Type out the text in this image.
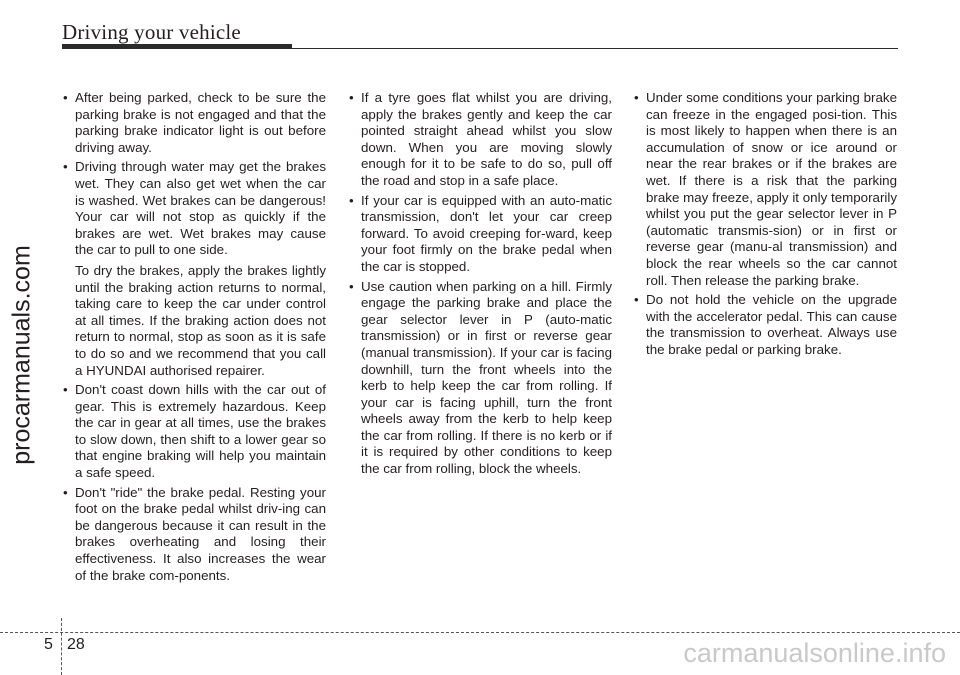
Driving your vehicle
procarmanuals.com

• After being parked, check to be sure the parking brake is not engaged and that the parking brake indicator light is out before driving away.

• Driving through water may get the brakes wet. They can also get wet when the car is washed. Wet brakes can be dangerous! Your car will not stop as quickly if the brakes are wet. Wet brakes may cause the car to pull to one side.

To dry the brakes, apply the brakes lightly until the braking action returns to normal, taking care to keep the car under control at all times. If the braking action does not return to normal, stop as soon as it is safe to do so and we recommend that you call a HYUNDAI authorised repairer.

• Don't coast down hills with the car out of gear. This is extremely hazardous. Keep the car in gear at all times, use the brakes to slow down, then shift to a lower gear so that engine braking will help you maintain a safe speed.

• Don't "ride" the brake pedal. Resting your foot on the brake pedal whilst driv-ing can be dangerous because it can result in the brakes overheating and losing their effectiveness. It also increases the wear of the brake com-ponents.

• If a tyre goes flat whilst you are driving, apply the brakes gently and keep the car pointed straight ahead whilst you slow down. When you are moving slowly enough for it to be safe to do so, pull off the road and stop in a safe place.

• If your car is equipped with an auto-matic transmission, don't let your car creep forward. To avoid creeping for-ward, keep your foot firmly on the brake pedal when the car is stopped.

• Use caution when parking on a hill. Firmly engage the parking brake and place the gear selector lever in P (auto-matic transmission) or in first or reverse gear (manual transmission). If your car is facing downhill, turn the front wheels into the kerb to help keep the car from rolling. If your car is facing uphill, turn the front wheels away from the kerb to help keep the car from rolling. If there is no kerb or if it is required by other conditions to keep the car from rolling, block the wheels.

• Under some conditions your parking brake can freeze in the engaged posi-tion. This is most likely to happen when there is an accumulation of snow or ice around or near the rear brakes or if the brakes are wet. If there is a risk that the parking brake may freeze, apply it only temporarily whilst you put the gear selector lever in P (automatic transmis-sion) or in first or reverse gear (manu-al transmission) and block the rear wheels so the car cannot roll. Then release the parking brake.

• Do not hold the vehicle on the upgrade with the accelerator pedal. This can cause the transmission to overheat. Always use the brake pedal or parking brake.

5 28	carmanualsonline.info
